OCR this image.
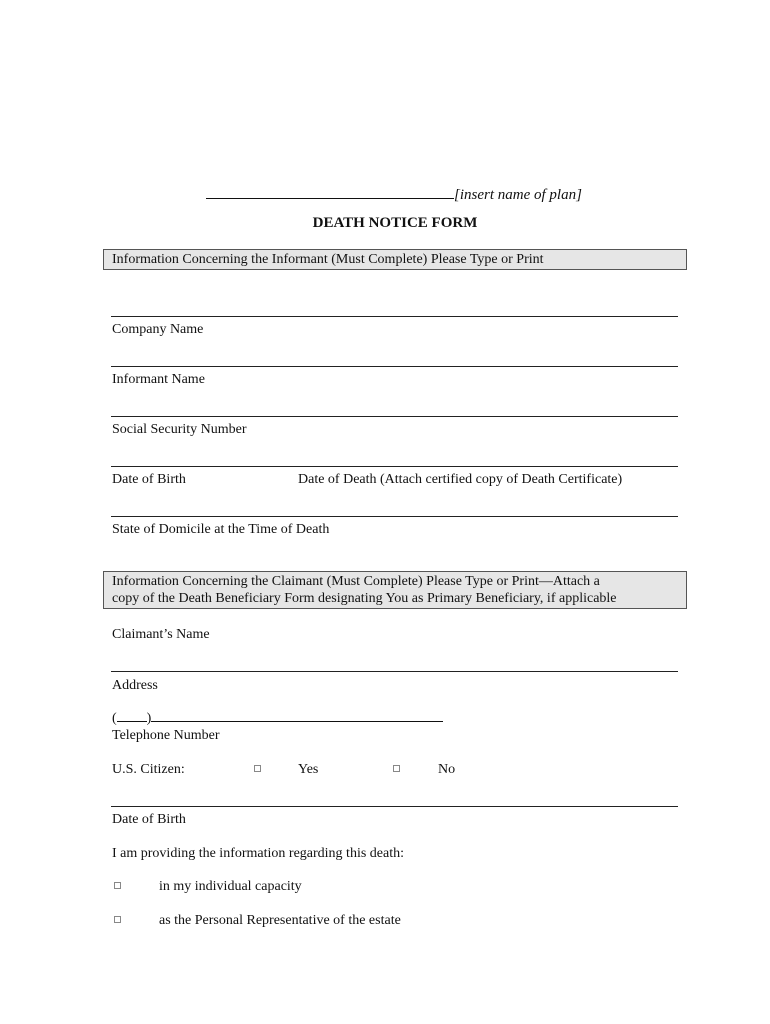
[insert name of plan]
DEATH NOTICE FORM
Information Concerning the Informant (Must Complete) Please Type or Print
Company Name
Informant Name
Social Security Number
Date of Birth	Date of Death (Attach certified copy of Death Certificate)
State of Domicile at the Time of Death
Information Concerning the Claimant (Must Complete) Please Type or Print—Attach a
copy of the Death Beneficiary Form designating You as Primary Beneficiary, if applicable
Claimant’s Name
Address
( )
Telephone Number
U.S. Citizen:	Yes	No
Date of Birth
I am providing the information regarding this death:
in my individual capacity
as the Personal Representative of the estate
